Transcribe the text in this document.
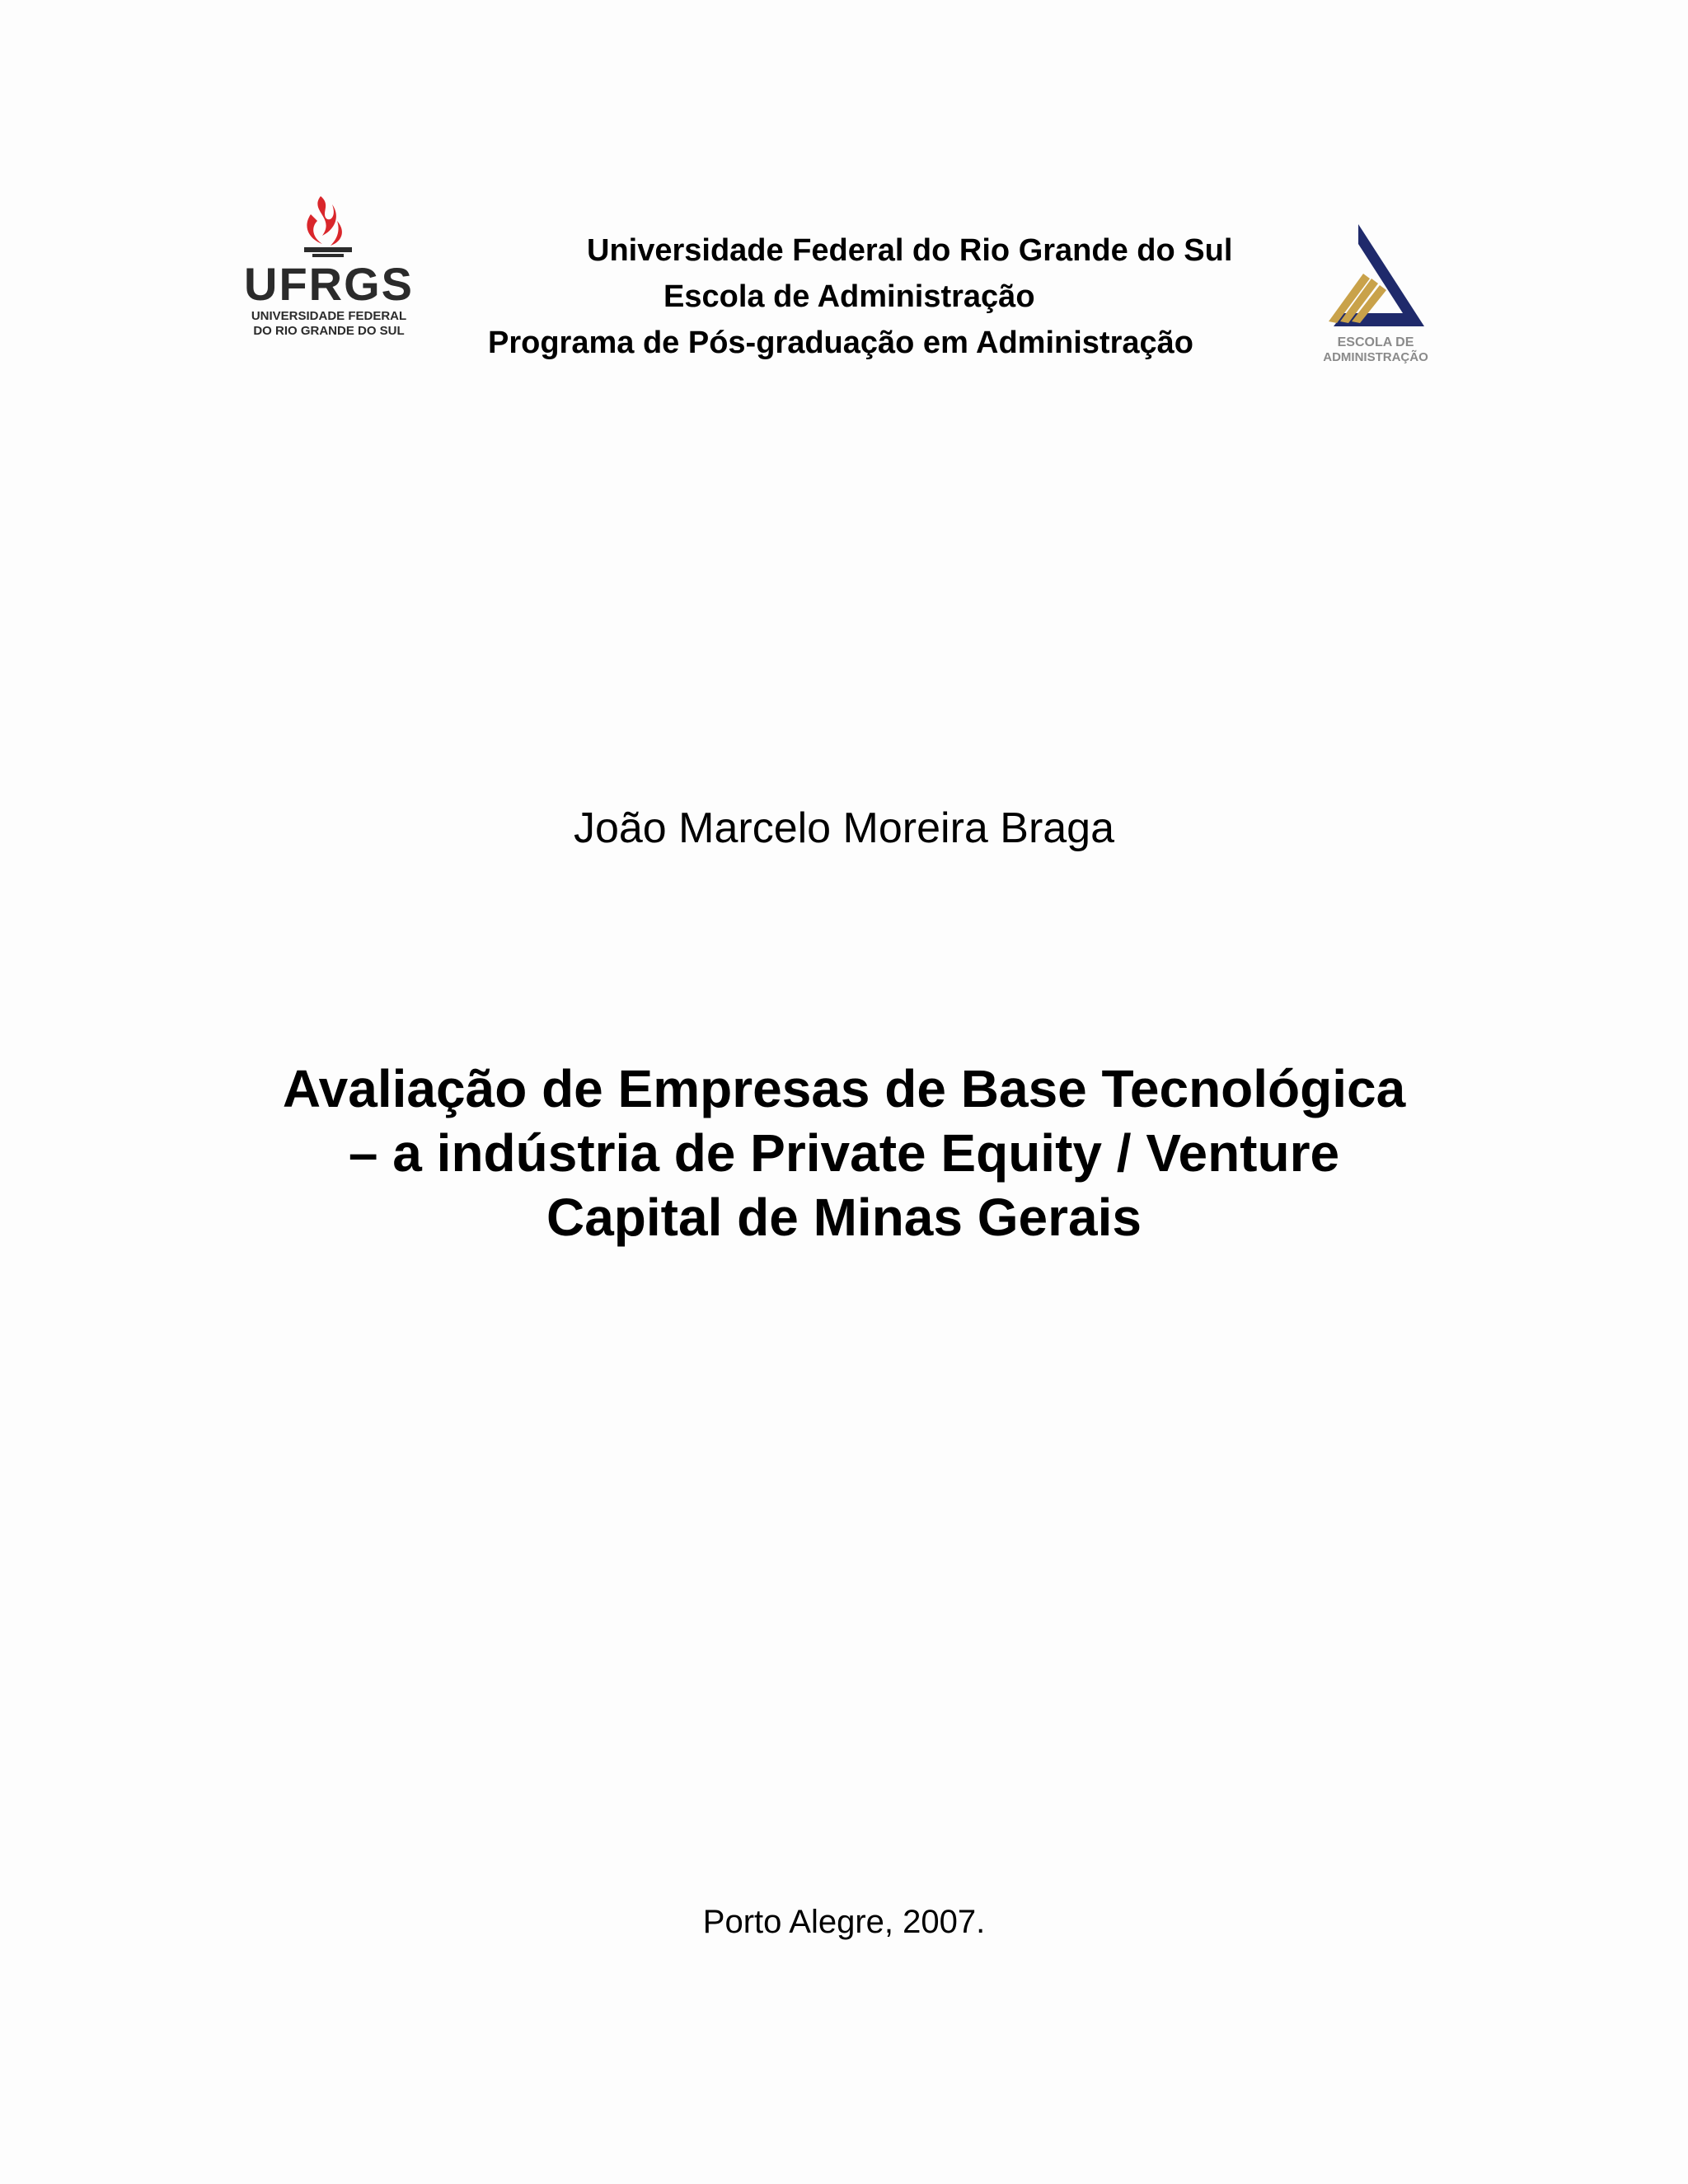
UFRGS
UNIVERSIDADE FEDERAL
DO RIO GRANDE DO SUL
Universidade Federal do Rio Grande do Sul
Escola de Administração
Programa de Pós-graduação em Administração	ESCOLA DE
ADMINISTRAÇÃO
João Marcelo Moreira Braga
Avaliação de Empresas de Base Tecnológica
– a indústria de Private Equity / Venture
Capital de Minas Gerais
Porto Alegre, 2007.
